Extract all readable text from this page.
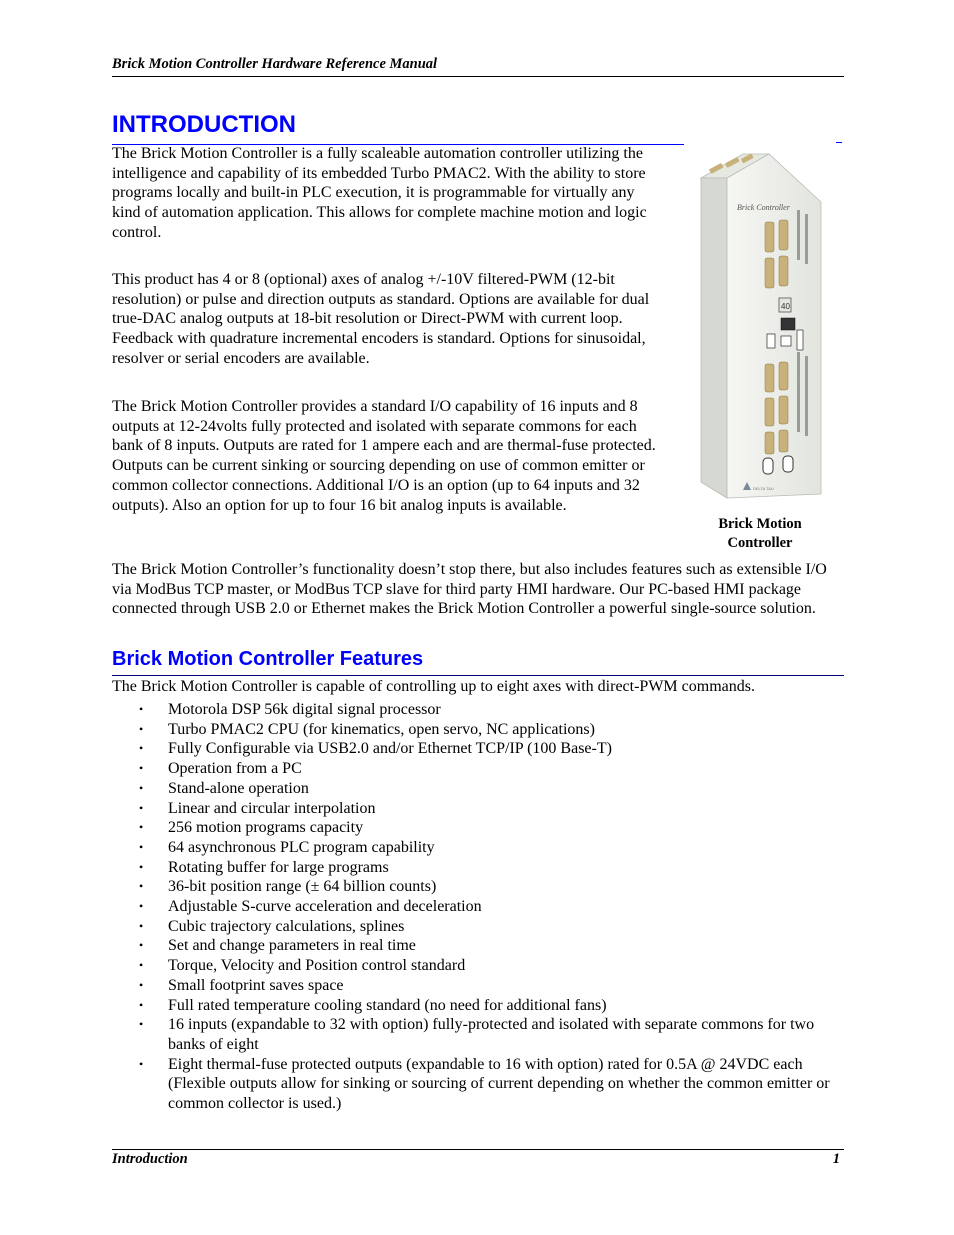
Brick Motion Controller Hardware Reference Manual
INTRODUCTION

The Brick Motion Controller is a fully scaleable automation controller utilizing the intelligence and capability of its embedded Turbo PMAC2. With the ability to store programs locally and built-in PLC execution, it is programmable for virtually any kind of automation application. This allows for complete machine motion and logic control.

This product has 4 or 8 (optional) axes of analog +/-10V filtered-PWM (12-bit resolution) or pulse and direction outputs as standard. Options are available for dual true-DAC analog outputs at 18-bit resolution or Direct-PWM with current loop. Feedback with quadrature incremental encoders is standard. Options for sinusoidal, resolver or serial encoders are available.

The Brick Motion Controller provides a standard I/O capability of 16 inputs and 8 outputs at 12-24volts fully protected and isolated with separate commons for each bank of 8 inputs. Outputs are rated for 1 ampere each and are thermal-fuse protected. Outputs can be current sinking or sourcing depending on use of common emitter or common collector connections. Additional I/O is an option (up to 64 inputs and 32 outputs). Also an option for up to four 16 bit analog inputs is available.

Brick Controller
40
DELTA TAU
Brick Motion
Controller

The Brick Motion Controller’s functionality doesn’t stop there, but also includes features such as extensible I/O via ModBus TCP master, or ModBus TCP slave for third party HMI hardware. Our PC-based HMI package connected through USB 2.0 or Ethernet makes the Brick Motion Controller a powerful single-source solution.

Brick Motion Controller Features

The Brick Motion Controller is capable of controlling up to eight axes with direct-PWM commands.

• Motorola DSP 56k digital signal processor
• Turbo PMAC2 CPU (for kinematics, open servo, NC applications)
• Fully Configurable via USB2.0 and/or Ethernet TCP/IP (100 Base-T)
• Operation from a PC
• Stand-alone operation
• Linear and circular interpolation
• 256 motion programs capacity
• 64 asynchronous PLC program capability
• Rotating buffer for large programs
• 36-bit position range (± 64 billion counts)
• Adjustable S-curve acceleration and deceleration
• Cubic trajectory calculations, splines
• Set and change parameters in real time
• Torque, Velocity and Position control standard
• Small footprint saves space
• Full rated temperature cooling standard (no need for additional fans)
• 16 inputs (expandable to 32 with option) fully-protected and isolated with separate commons for two banks of eight
• Eight thermal-fuse protected outputs (expandable to 16 with option) rated for 0.5A @ 24VDC each (Flexible outputs allow for sinking or sourcing of current depending on whether the common emitter or common collector is used.)
Introduction	1
